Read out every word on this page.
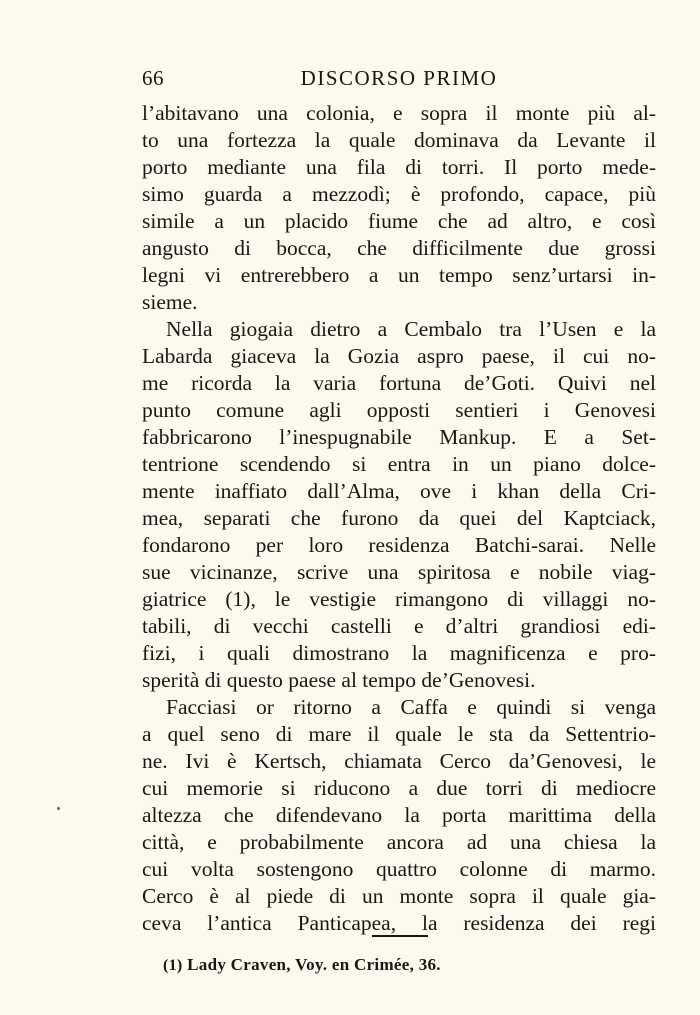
66	DISCORSO PRIMO
l’abitavano una colonia, e sopra il monte più al-
to una fortezza la quale dominava da Levante il
porto mediante una fila di torri. Il porto mede-
simo guarda a mezzodì; è profondo, capace, più
simile a un placido fiume che ad altro, e così
angusto di bocca, che difficilmente due grossi
legni vi entrerebbero a un tempo senz’urtarsi in-
sieme.
Nella giogaia dietro a Cembalo tra l’Usen e la
Labarda giaceva la Gozia aspro paese, il cui no-
me ricorda la varia fortuna de’Goti. Quivi nel
punto comune agli opposti sentieri i Genovesi
fabbricarono l’inespugnabile Mankup. E a Set-
tentrione scendendo si entra in un piano dolce-
mente inaffiato dall’Alma, ove i khan della Cri-
mea, separati che furono da quei del Kaptciack,
fondarono per loro residenza Batchi-sarai. Nelle
sue vicinanze, scrive una spiritosa e nobile viag-
giatrice (1), le vestigie rimangono di villaggi no-
tabili, di vecchi castelli e d’altri grandiosi edi-
fizi, i quali dimostrano la magnificenza e pro-
sperità di questo paese al tempo de’Genovesi.
Facciasi or ritorno a Caffa e quindi si venga
a quel seno di mare il quale le sta da Settentrio-
ne. Ivi è Kertsch, chiamata Cerco da’Genovesi, le
cui memorie si riducono a due torri di mediocre
altezza che difendevano la porta marittima della
città, e probabilmente ancora ad una chiesa la
cui volta sostengono quattro colonne di marmo.
Cerco è al piede di un monte sopra il quale gia-
ceva l’antica Panticapea, la residenza dei regi
(1) Lady Craven, Voy. en Crimée, 36.
